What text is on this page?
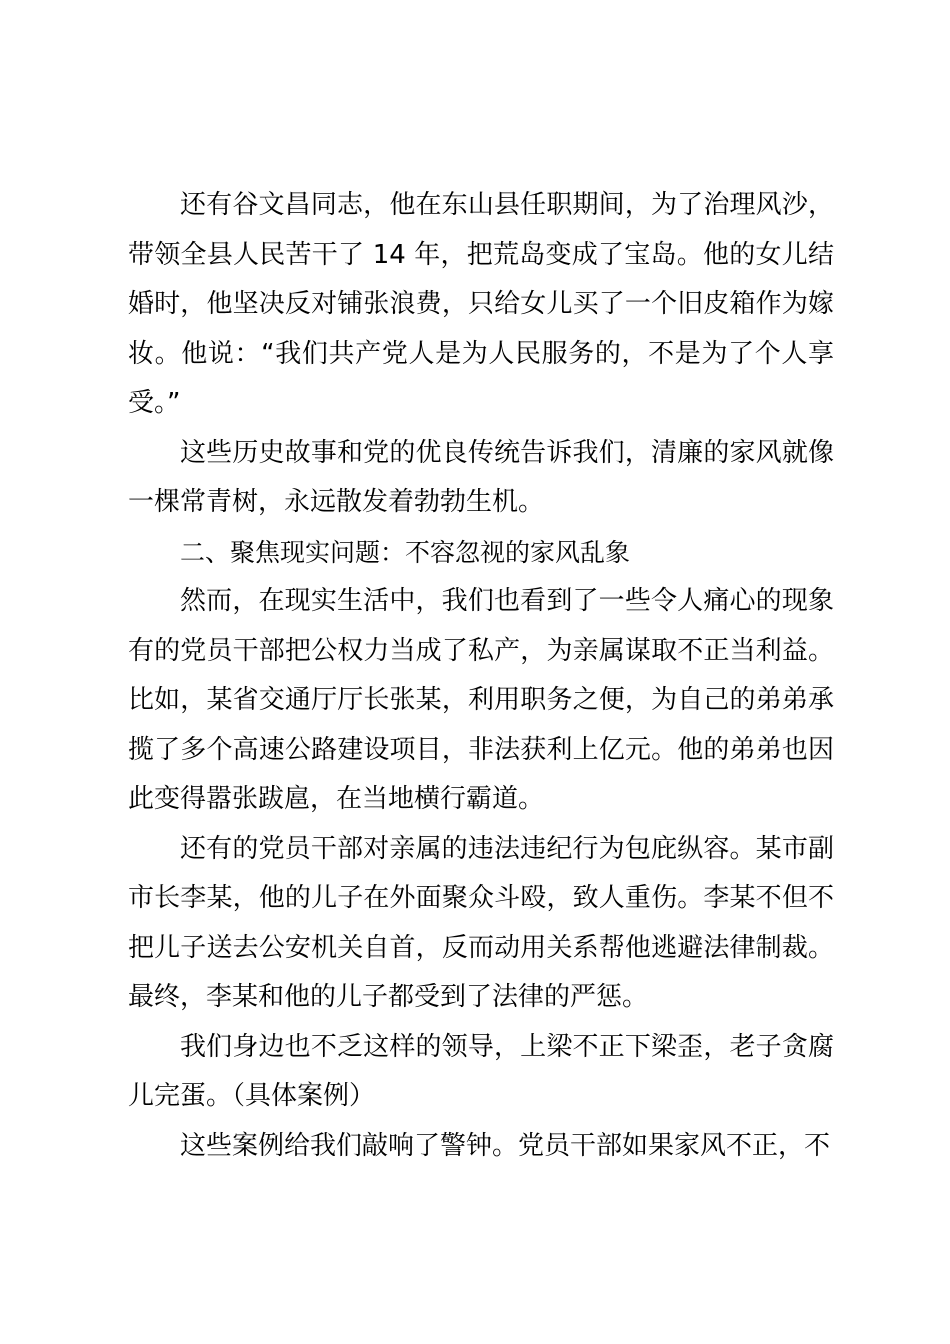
还有谷文昌同志，他在东山县任职期间，为了治理风沙，带领全县人民苦干了 14 年，把荒岛变成了宝岛。他的女儿结婚时，他坚决反对铺张浪费，只给女儿买了一个旧皮箱作为嫁妆。他说：“我们共产党人是为人民服务的，不是为了个人享受。”

这些历史故事和党的优良传统告诉我们，清廉的家风就像一棵常青树，永远散发着勃勃生机。

二、聚焦现实问题：不容忽视的家风乱象

然而，在现实生活中，我们也看到了一些令人痛心的现象有的党员干部把公权力当成了私产，为亲属谋取不正当利益。比如，某省交通厅厅长张某，利用职务之便，为自己的弟弟承揽了多个高速公路建设项目，非法获利上亿元。他的弟弟也因此变得嚣张跋扈，在当地横行霸道。

还有的党员干部对亲属的违法违纪行为包庇纵容。某市副市长李某，他的儿子在外面聚众斗殴，致人重伤。李某不但不把儿子送去公安机关自首，反而动用关系帮他逃避法律制裁。最终，李某和他的儿子都受到了法律的严惩。

我们身边也不乏这样的领导，上梁不正下梁歪，老子贪腐儿完蛋。（具体案例）

这些案例给我们敲响了警钟。党员干部如果家风不正，不
